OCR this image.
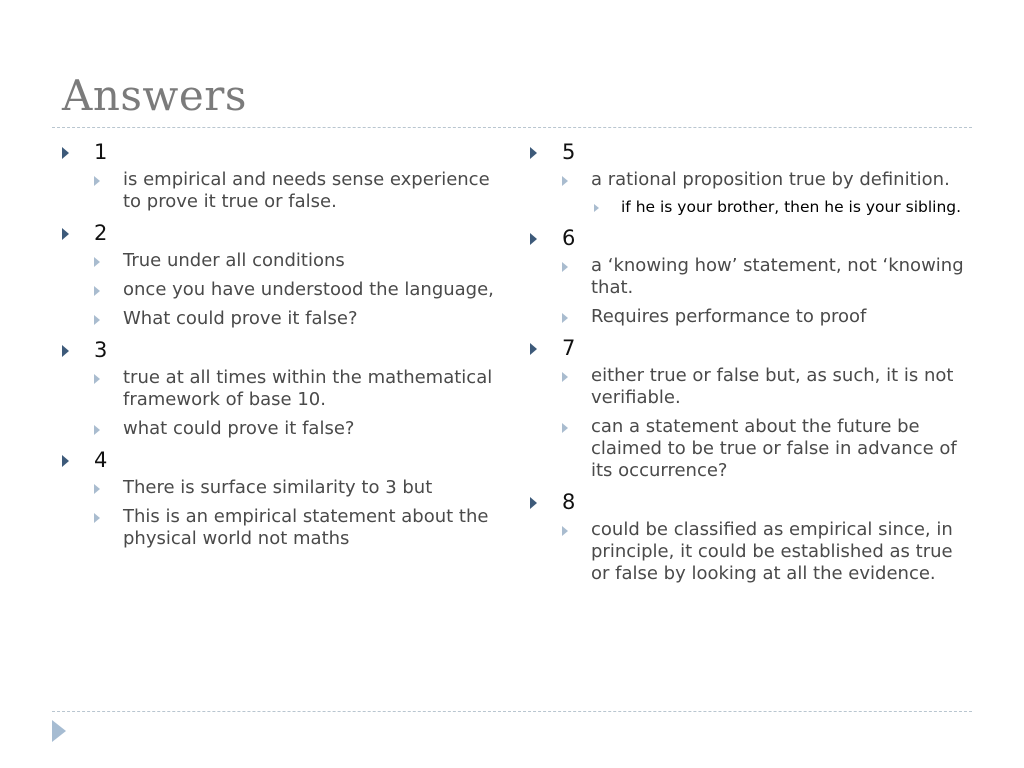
Answers
1
is empirical and needs sense experience to prove it true or false.
2
True under all conditions
once you have understood the language,
What could prove it false?
3
true at all times within the mathematical framework of base 10.
what could prove it false?
4
There is surface similarity to 3 but
This is an empirical statement about the physical world not maths
5
a rational proposition true by definition.
if he is your brother, then he is your sibling.
6
a ‘knowing how’ statement, not ‘knowing that.
Requires performance to proof
7
either true or false but, as such, it is not verifiable.
can a statement about the future be claimed to be true or false in advance of its occurrence?
8
could be classified as empirical since, in principle, it could be established as true or false by looking at all the evidence.
